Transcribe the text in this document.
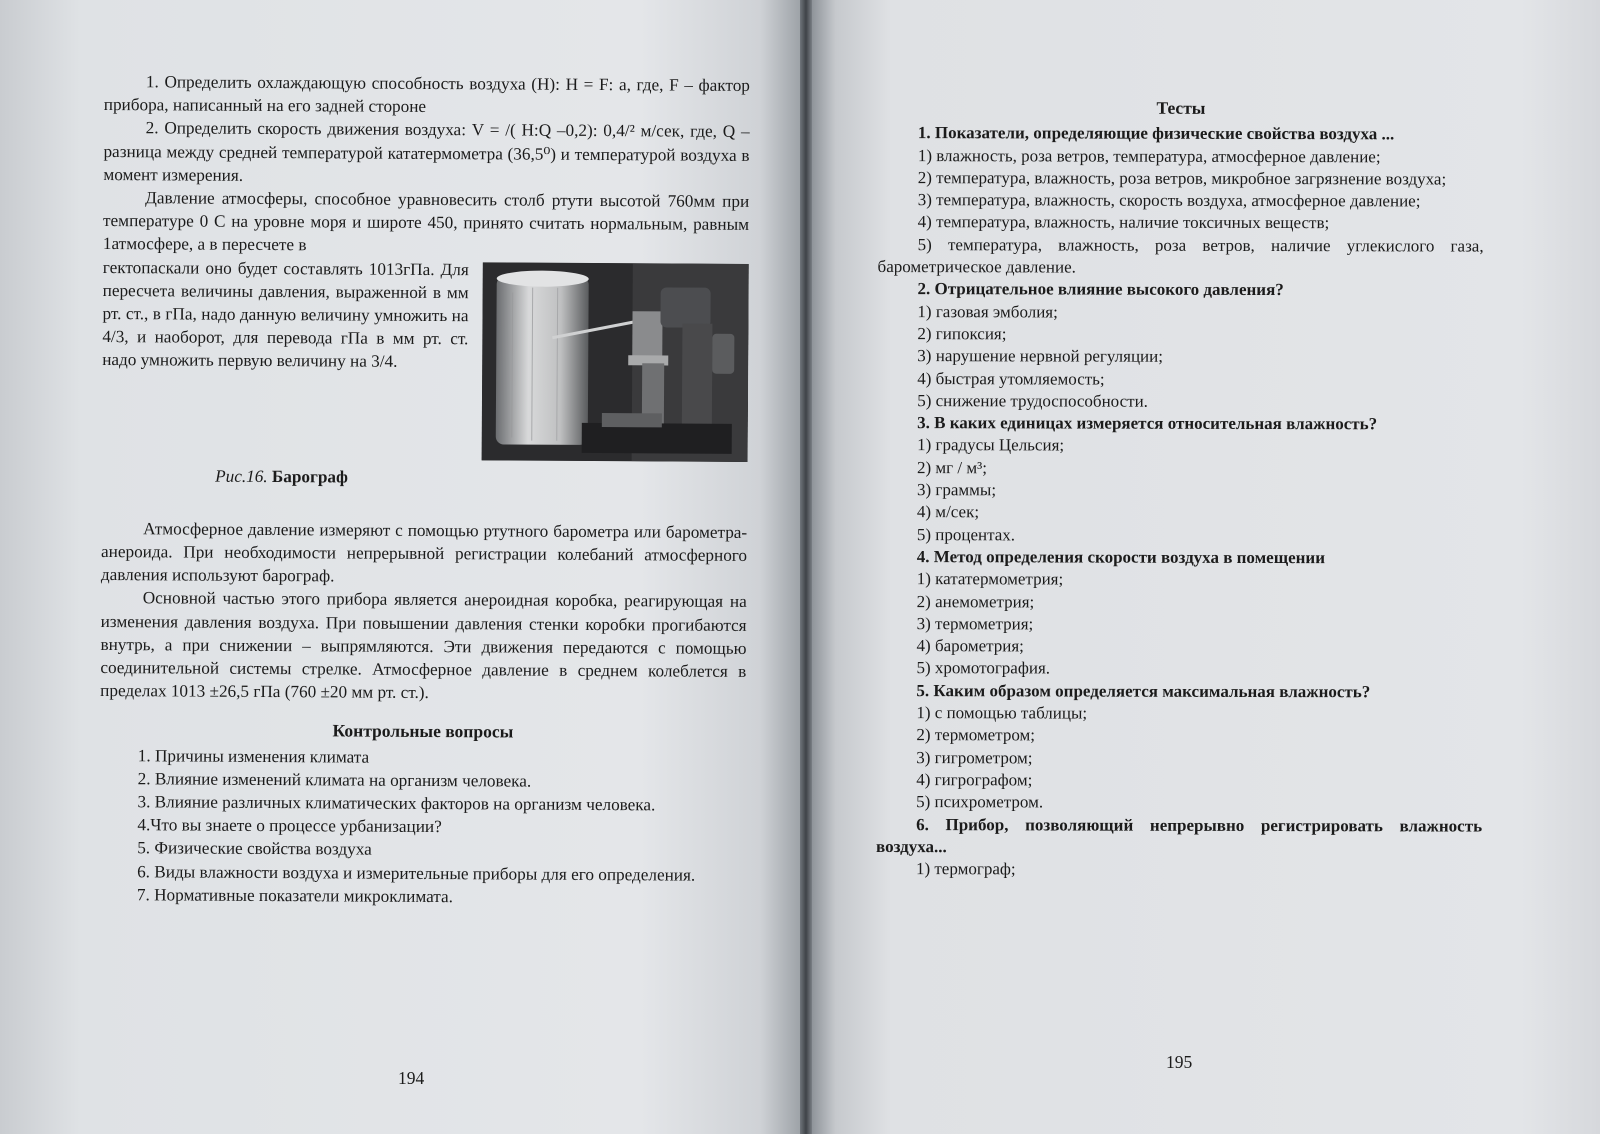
1. Определить охлаждающую способность воздуха (Н): Н = F: a, где, F – фактор прибора, написанный на его задней стороне

2. Определить скорость движения воздуха: V = /( Н:Q –0,2): 0,4/² м/сек, где, Q – разница между средней температурой кататермометра (36,5⁰) и температурой воздуха в момент измерения.

Давление атмосферы, способное уравновесить столб ртути высотой 760мм при температуре 0 С на уровне моря и широте 450, принято считать нормальным, равным 1атмосфере, а в пересчете в

гектопаскали оно будет составлять 1013гПа. Для пересчета величины давления, выраженной в мм рт. ст., в гПа, надо данную величину умножить на 4/3, и наоборот, для перевода гПа в мм рт. ст. надо умножить первую величину на 3/4.

Рис.16. Барограф

Атмосферное давление измеряют с помощью ртутного барометра или барометра-анероида. При необходимости непрерывной регистрации колебаний атмосферного давления используют барограф.

Основной частью этого прибора является анероидная коробка, реагирующая на изменения давления воздуха. При повышении давления стенки коробки прогибаются внутрь, а при снижении – выпрямляются. Эти движения передаются с помощью соединительной системы стрелке. Атмосферное давление в среднем колеблется в пределах 1013 ±26,5 гПа (760 ±20 мм рт. ст.).

Контрольные вопросы

1. Причины изменения климата

2. Влияние изменений климата на организм человека.

3. Влияние различных климатических факторов на организм человека.

4.Что вы знаете о процессе урбанизации?

5. Физические свойства воздуха

6. Виды влажности воздуха и измерительные приборы для его определения.

7. Нормативные показатели микроклимата.

194
Тесты

1. Показатели, определяющие физические свойства воздуха ...

1) влажность, роза ветров, температура, атмосферное давление;

2) температура, влажность, роза ветров, микробное загрязнение воздуха;

3) температура, влажность, скорость воздуха, атмосферное давление;

4) температура, влажность, наличие токсичных веществ;

5) температура, влажность, роза ветров, наличие углекислого газа, барометрическое давление.

2. Отрицательное влияние высокого давления?

1) газовая эмболия;

2) гипоксия;

3) нарушение нервной регуляции;

4) быстрая утомляемость;

5) снижение трудоспособности.

3. В каких единицах измеряется относительная влажность?

1) градусы Цельсия;

2) мг / м³;

3) граммы;

4) м/сек;

5) процентах.

4. Метод определения скорости воздуха в помещении

1) кататермометрия;

2) анемометрия;

3) термометрия;

4) барометрия;

5) хромотография.

5. Каким образом определяется максимальная влажность?

1) с помощью таблицы;

2) термометром;

3) гигрометром;

4) гигрографом;

5) психрометром.

6. Прибор, позволяющий непрерывно регистрировать влажность воздуха...

1) термограф;

195
